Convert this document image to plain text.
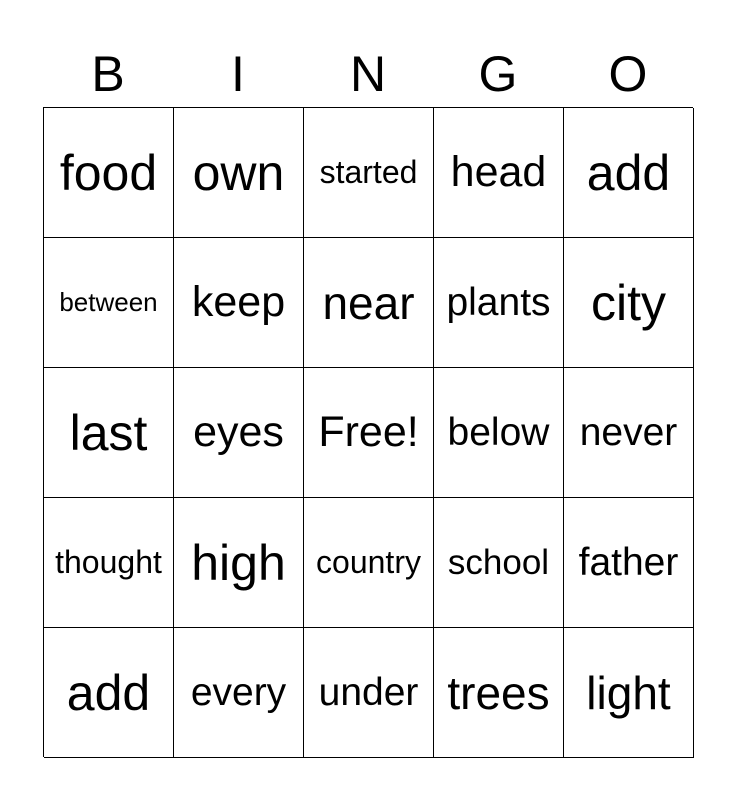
B	I	N	G	O
food own	started head add
between keep near plants city
last	eyes Free! below never
thought high country school father
add	every under trees light
